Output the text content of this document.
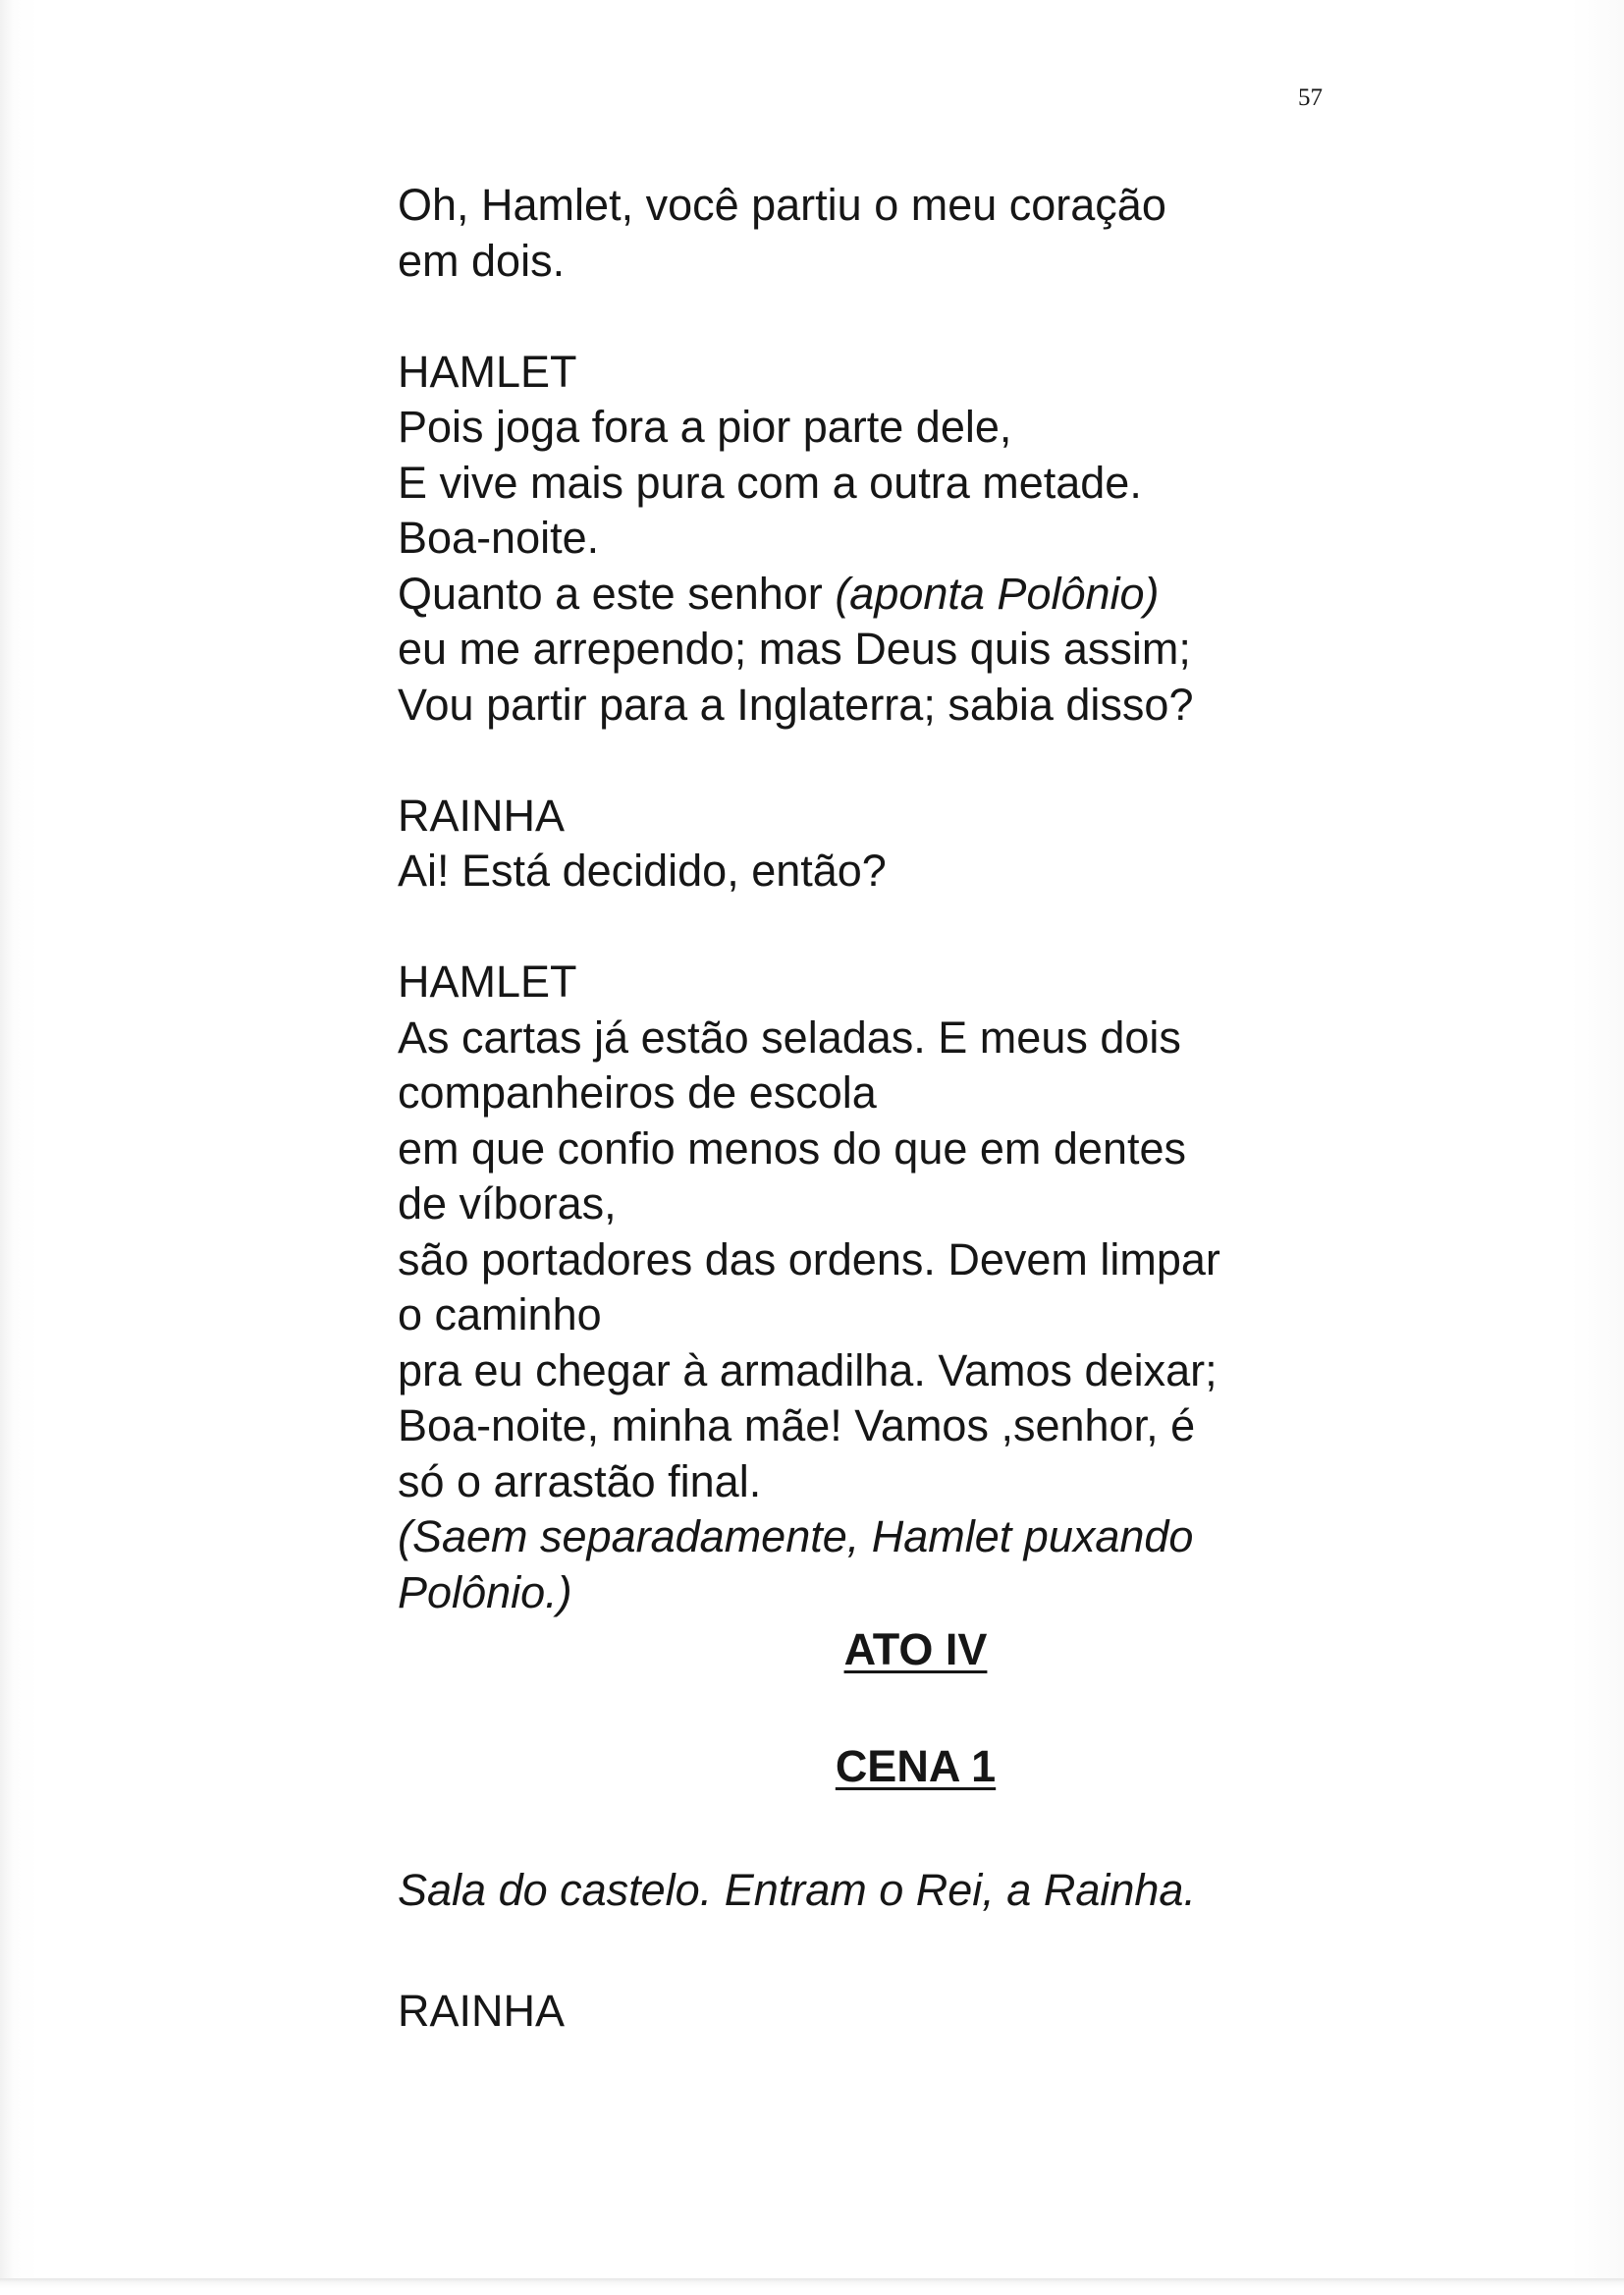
57
Oh, Hamlet, você partiu o meu coração
em dois.
HAMLET
Pois joga fora a pior parte dele,
E vive mais pura com a outra metade.
Boa-noite.
Quanto a este senhor (aponta Polônio)
eu me arrependo; mas Deus quis assim;
Vou partir para a Inglaterra; sabia disso?
RAINHA
Ai! Está decidido, então?
HAMLET
As cartas já estão seladas. E meus dois
companheiros de escola
em que confio menos do que em dentes
de víboras,
são portadores das ordens. Devem limpar
o caminho
pra eu chegar à armadilha. Vamos deixar;
Boa-noite, minha mãe! Vamos ,senhor, é
só o arrastão final.
(Saem separadamente, Hamlet puxando
Polônio.)
ATO IV
CENA 1
Sala do castelo. Entram o Rei, a Rainha.
RAINHA
